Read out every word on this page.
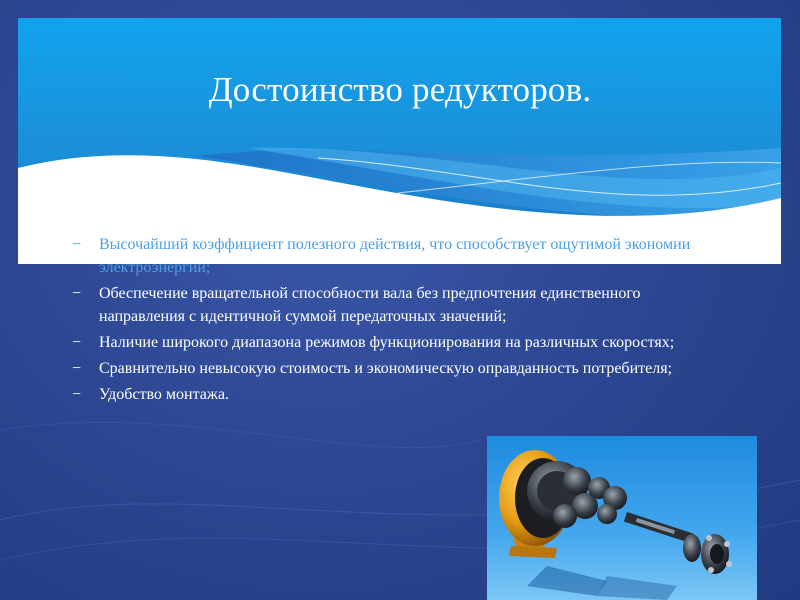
Достоинство редукторов.
− Высочайший коэффициент полезного действия, что способствует ощутимой экономии электроэнергии;
− Обеспечение вращательной способности вала без предпочтения единственного направления с идентичной суммой передаточных значений;
− Наличие широкого диапазона режимов функционирования на различных скоростях;
− Сравнительно невысокую стоимость и экономическую оправданность потребителя;
− Удобство монтажа.
